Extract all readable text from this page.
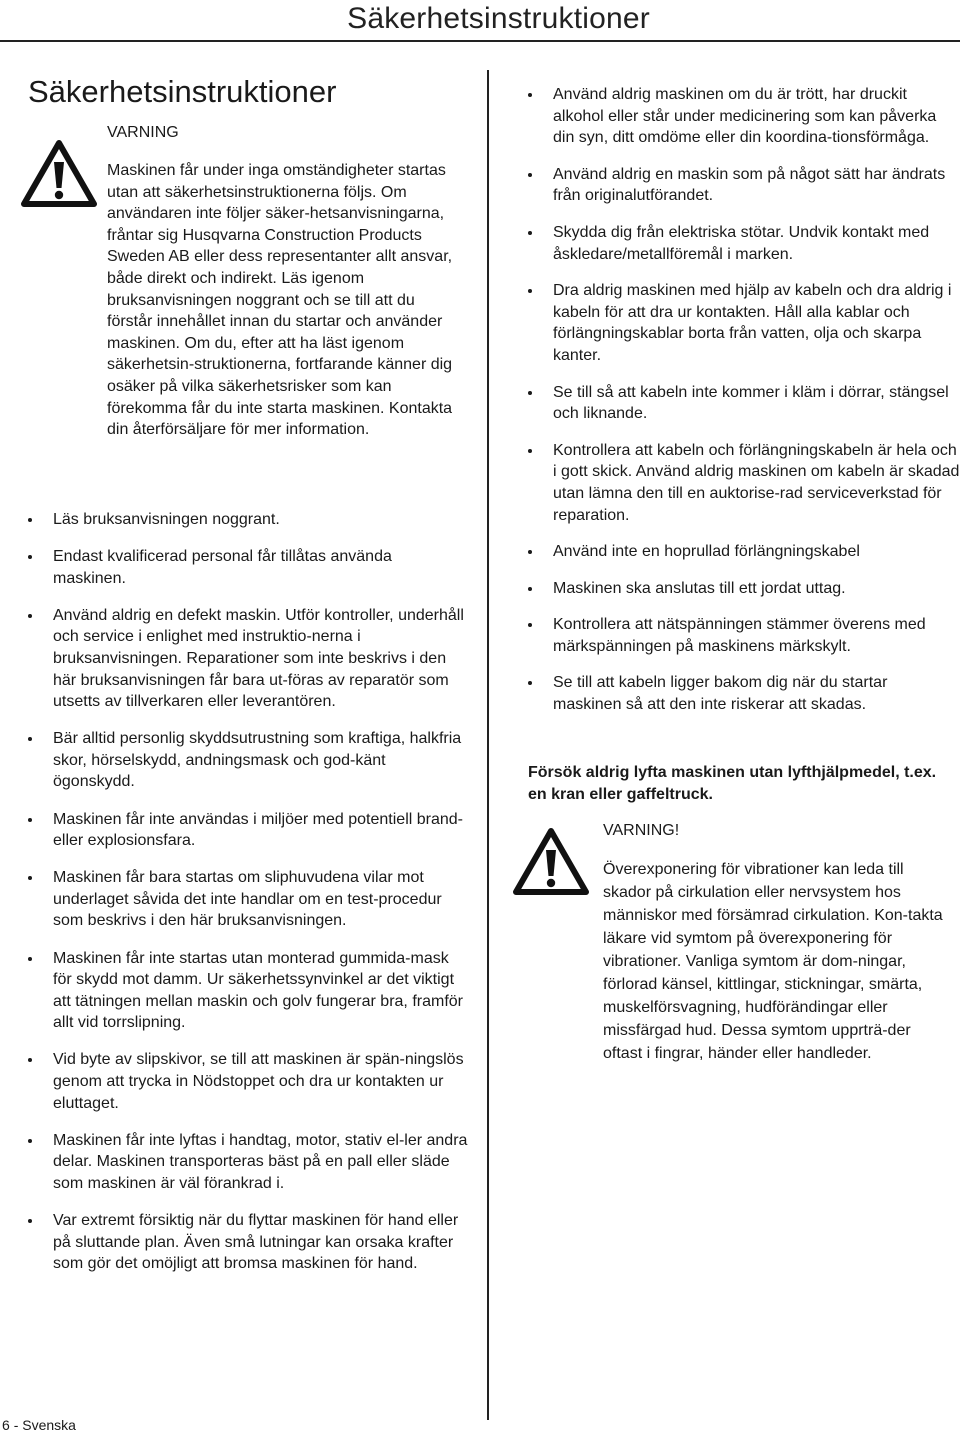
Säkerhetsinstruktioner
Säkerhetsinstruktioner
VARNING

Maskinen får under inga omständigheter startas utan att säkerhetsinstruktionerna följs. Om användaren inte följer säker-hetsanvisningarna, fråntar sig Husqvarna Construction Products Sweden AB eller dess representanter allt ansvar, både direkt och indirekt. Läs igenom bruksanvisningen noggrant och se till att du förstår innehållet innan du startar och använder maskinen. Om du, efter att ha läst igenom säkerhetsin-struktionerna, fortfarande känner dig osäker på vilka säkerhetsrisker som kan förekomma får du inte starta maskinen. Kontakta din återförsäljare för mer information.

Läs bruksanvisningen noggrant.
Endast kvalificerad personal får tillåtas använda maskinen.
Använd aldrig en defekt maskin. Utför kontroller, underhåll och service i enlighet med instruktio-nerna i bruksanvisningen. Reparationer som inte beskrivs i den här bruksanvisningen får bara ut-föras av reparatör som utsetts av tillverkaren eller leverantören.
Bär alltid personlig skyddsutrustning som kraftiga, halkfria skor, hörselskydd, andningsmask och god-känt ögonskydd.
Maskinen får inte användas i miljöer med potentiell brand- eller explosionsfara.
Maskinen får bara startas om sliphuvudena vilar mot underlaget såvida det inte handlar om en test-procedur som beskrivs i den här bruksanvisningen.
Maskinen får inte startas utan monterad gummida-mask för skydd mot damm. Ur säkerhetssynvinkel ar det viktigt att tätningen mellan maskin och golv fungerar bra, framför allt vid torrslipning.
Vid byte av slipskivor, se till att maskinen är spän-ningslös genom att trycka in Nödstoppet och dra ur kontakten ur eluttaget.
Maskinen får inte lyftas i handtag, motor, stativ el-ler andra delar. Maskinen transporteras bäst på en pall eller släde som maskinen är väl förankrad i.
Var extremt försiktig när du flyttar maskinen för hand eller på sluttande plan. Även små lutningar kan orsaka krafter som gör det omöjligt att bromsa maskinen för hand.
Använd aldrig maskinen om du är trött, har druckit alkohol eller står under medicinering som kan påverka din syn, ditt omdöme eller din koordina-tionsförmåga.
Använd aldrig en maskin som på något sätt har ändrats från originalutförandet.
Skydda dig från elektriska stötar. Undvik kontakt med åskledare/metallföremål i marken.
Dra aldrig maskinen med hjälp av kabeln och dra aldrig i kabeln för att dra ur kontakten. Håll alla kablar och förlängningskablar borta från vatten, olja och skarpa kanter.
Se till så att kabeln inte kommer i kläm i dörrar, stängsel och liknande.
Kontrollera att kabeln och förlängningskabeln är hela och i gott skick. Använd aldrig maskinen om kabeln är skadad utan lämna den till en auktorise-rad serviceverkstad för reparation.
Använd inte en hoprullad förlängningskabel
Maskinen ska anslutas till ett jordat uttag.
Kontrollera att nätspänningen stämmer överens med märkspänningen på maskinens märkskylt.
Se till att kabeln ligger bakom dig när du startar maskinen så att den inte riskerar att skadas.

Försök aldrig lyfta maskinen utan lyfthjälpmedel, t.ex. en kran eller gaffeltruck.

VARNING!

Överexponering för vibrationer kan leda till skador på cirkulation eller nervsystem hos människor med försämrad cirkulation. Kon-takta läkare vid symtom på överexponering för vibrationer. Vanliga symtom är dom-ningar, förlorad känsel, kittlingar, stickningar, smärta, muskelförsvagning, hudförändingar eller missfärgad hud. Dessa symtom upprträ-der oftast i fingrar, händer eller handleder.

6 - Svenska
